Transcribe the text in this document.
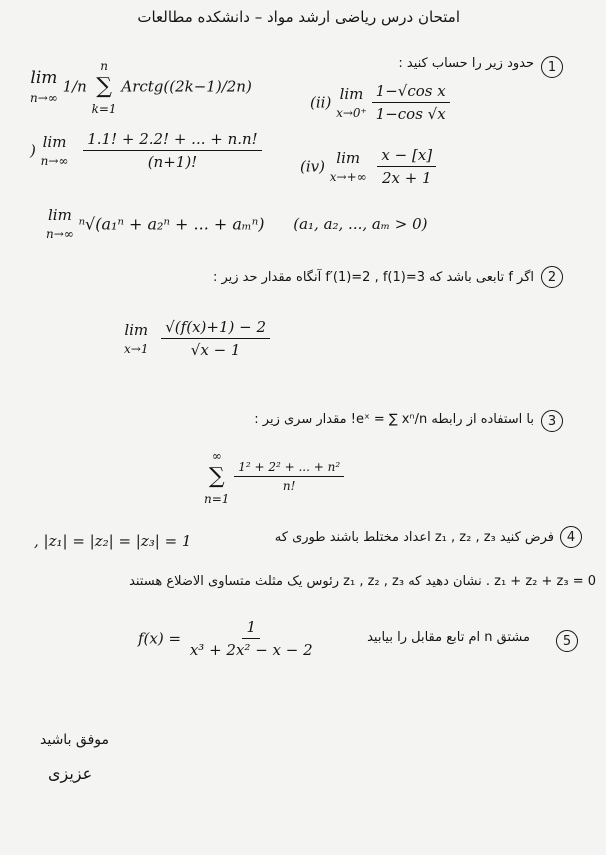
امتحان درس ریاضی ارشد مواد – دانشکده مطالعات
1
حدود زیر را حساب کنید :
lim
n→∞ 1/n n
∑
k=1 Arctg((2k−1)/2n)
(ii) lim
$x\to 0^+ \frac{\text{1−√cos x}}{1-\cos √x}$
) lim
$n\to\infty \frac{1.1! + 2.2! + ... + n.n!}{(n+1)!}$	(iv) lim
$x\to+\infty \frac{x - [x]}{2x + 1}$
lim
n→∞ ⁿ√(a₁ⁿ + a₂ⁿ + ... + aₘⁿ) (a₁, a₂, ..., aₘ > 0)
2
اگر f تابعی باشد که f′(1)=2 , f(1)=3 آنگاه مقدار حد زیر :
lim
$x\to 1 \frac{√(f(x)+1) - 2}{√x - 1}$
3
با استفاده از رابطه eˣ = ∑ xⁿ/n! مقدار سری زیر :
∞
∑
n=1
$\frac{\text{1² + 2² + ... + n²}}{n!}$
4
فرض کنید z₁ , z₂ , z₃ اعداد مختلط باشند طوری که
, |z₁| = |z₂| = |z₃| = 1
z₁ + z₂ + z₃ = 0 . نشان دهید که z₁ , z₂ , z₃ رئوس یک مثلث متساوی الاضلاع هستند
5
مشتق n ام تابع مقابل را بیابید
$f(x) = \frac{1}{\text{x³ + 2x² − x − 2}}$
موفق باشید
عزیزی
